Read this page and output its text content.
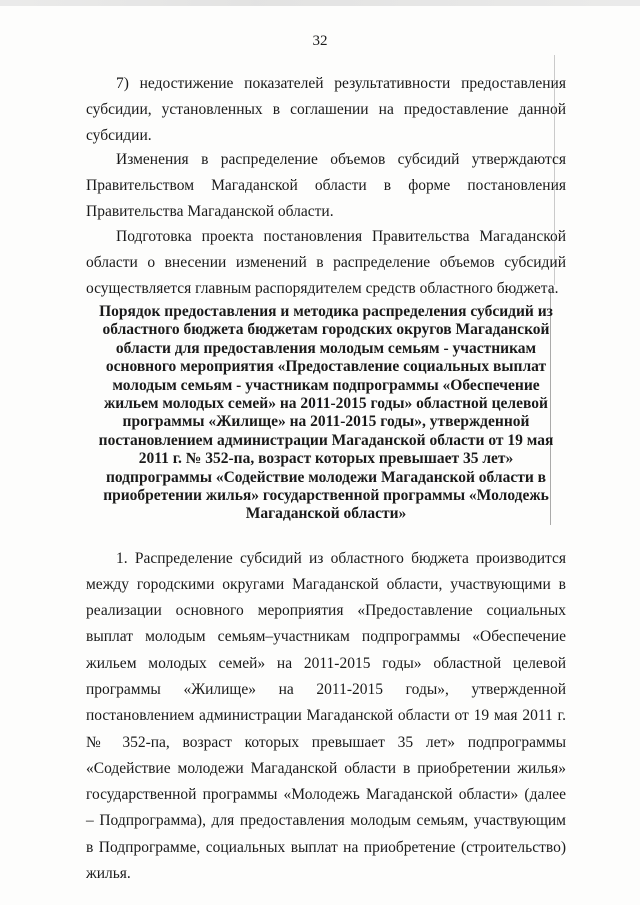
32

7) недостижение показателей результативности предоставления субсидии, установленных в соглашении на предоставление данной субсидии.

Изменения в распределение объемов субсидий утверждаются Правительством Магаданской области в форме постановления Правительства Магаданской области.

Подготовка проекта постановления Правительства Магаданской области о внесении изменений в распределение объемов субсидий осуществляется главным распорядителем средств областного бюджета.

Порядок предоставления и методика распределения субсидий из областного бюджета бюджетам городских округов Магаданской области для предоставления молодым семьям - участникам основного мероприятия «Предоставление социальных выплат молодым семьям - участникам подпрограммы «Обеспечение жильем молодых семей» на 2011-2015 годы» областной целевой программы «Жилище» на 2011-2015 годы», утвержденной постановлением администрации Магаданской области от 19 мая 2011 г. № 352-па, возраст которых превышает 35 лет» подпрограммы «Содействие молодежи Магаданской области в приобретении жилья» государственной программы «Молодежь Магаданской области»

1. Распределение субсидий из областного бюджета производится между городскими округами Магаданской области, участвующими в реализации основного мероприятия «Предоставление социальных выплат молодым семьям–участникам подпрограммы «Обеспечение жильем молодых семей» на 2011-2015 годы» областной целевой программы «Жилище» на 2011-2015 годы», утвержденной постановлением администрации Магаданской области от 19 мая 2011 г. № 352-па, возраст которых превышает 35 лет» подпрограммы «Содействие молодежи Магаданской области в приобретении жилья» государственной программы «Молодежь Магаданской области» (далее – Подпрограмма), для предоставления молодым семьям, участвующим в Подпрограмме, социальных выплат на приобретение (строительство) жилья.
